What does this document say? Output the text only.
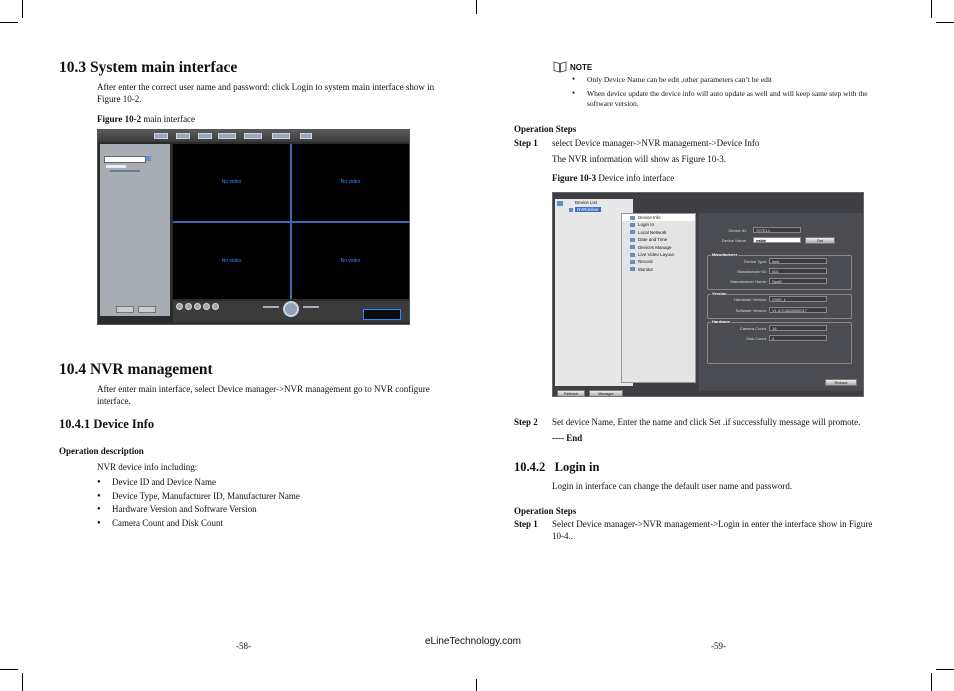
10.3 System main interface
After enter the correct user name and password: click Login to system main interface show in Figure 10-2.
Figure 10-2 main interface
No video	No video
No video	No video
10.4 NVR management
After enter main interface, select Device manager->NVR management go to NVR configure interface.
10.4.1 Device Info
Operation description
NVR device info including:
● Device ID and Device Name
● Device Type, Manufacturer ID, Manufacturer Name
● Hardware Version and Software Version
● Camera Count and Disk Count
-58-	eLineTechnology.com
NOTE
● Only Device Name can be edit ,other parameters can’t be edit
● When device update the device info will auto update as well and will keep same step with the software version.
Operation Steps
Step 1 select Device manager->NVR management->Device Info
The NVR information will show as Figure 10-3.
Figure 10-3 Device info interface
Device List
NVRonline
Device Info
Login In
Local Network
Date and Time
Devices Manage
Live Video Layout
Record
Monitor
Device ID:	707E14
Device Name:	eable	Set
Manufacturer
Device Type:	lseb
Manufacturer ID:	001
Manufacturer Name:	SpaB
Version
Hardware Version:	V300_1
Software Version:	V1.0.0.0828000017
Hardware
Camera Count:	16
Disk Count:	4
Reboot
Refresh	Manager
Step 2 Set device Name, Enter the name and click Set .if successfully message will promote.
---- End
10.4.2 Login in
Login in interface can change the default user name and password.
Operation Steps
Step 1 Select Device manager->NVR management->Login in enter the interface show in Figure 10-4..
-59-
